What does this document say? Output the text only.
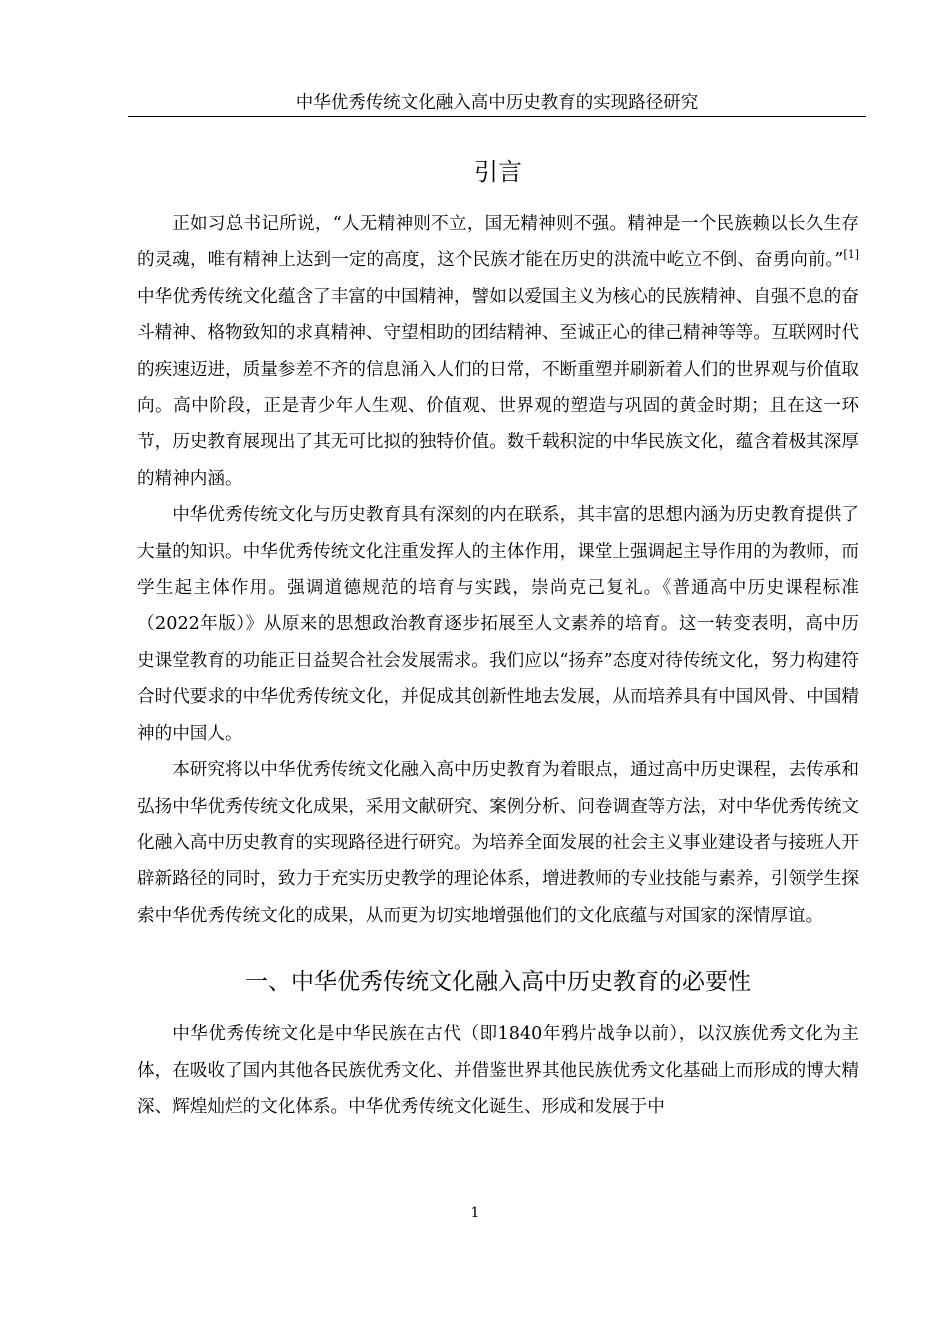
中华优秀传统文化融入高中历史教育的实现路径研究
引言

正如习总书记所说，“人无精神则不立，国无精神则不强。精神是一个民族赖以长久生存的灵魂，唯有精神上达到一定的高度，这个民族才能在历史的洪流中屹立不倒、奋勇向前。”[1]中华优秀传统文化蕴含了丰富的中国精神，譬如以爱国主义为核心的民族精神、自强不息的奋斗精神、格物致知的求真精神、守望相助的团结精神、至诚正心的律己精神等等。互联网时代的疾速迈进，质量参差不齐的信息涌入人们的日常，不断重塑并刷新着人们的世界观与价值取向。高中阶段，正是青少年人生观、价值观、世界观的塑造与巩固的黄金时期；且在这一环节，历史教育展现出了其无可比拟的独特价值。数千载积淀的中华民族文化，蕴含着极其深厚的精神内涵。

中华优秀传统文化与历史教育具有深刻的内在联系，其丰富的思想内涵为历史教育提供了大量的知识。中华优秀传统文化注重发挥人的主体作用，课堂上强调起主导作用的为教师，而学生起主体作用。强调道德规范的培育与实践，崇尚克己复礼。《普通高中历史课程标准（2022年版）》从原来的思想政治教育逐步拓展至人文素养的培育。这一转变表明，高中历史课堂教育的功能正日益契合社会发展需求。我们应以“扬弃”态度对待传统文化，努力构建符合时代要求的中华优秀传统文化，并促成其创新性地去发展，从而培养具有中国风骨、中国精神的中国人。

本研究将以中华优秀传统文化融入高中历史教育为着眼点，通过高中历史课程，去传承和弘扬中华优秀传统文化成果，采用文献研究、案例分析、问卷调查等方法，对中华优秀传统文化融入高中历史教育的实现路径进行研究。为培养全面发展的社会主义事业建设者与接班人开辟新路径的同时，致力于充实历史教学的理论体系，增进教师的专业技能与素养，引领学生探索中华优秀传统文化的成果，从而更为切实地增强他们的文化底蕴与对国家的深情厚谊。

一、中华优秀传统文化融入高中历史教育的必要性

中华优秀传统文化是中华民族在古代（即1840年鸦片战争以前），以汉族优秀文化为主体，在吸收了国内其他各民族优秀文化、并借鉴世界其他民族优秀文化基础上而形成的博大精深、辉煌灿烂的文化体系。中华优秀传统文化诞生、形成和发展于中

1
